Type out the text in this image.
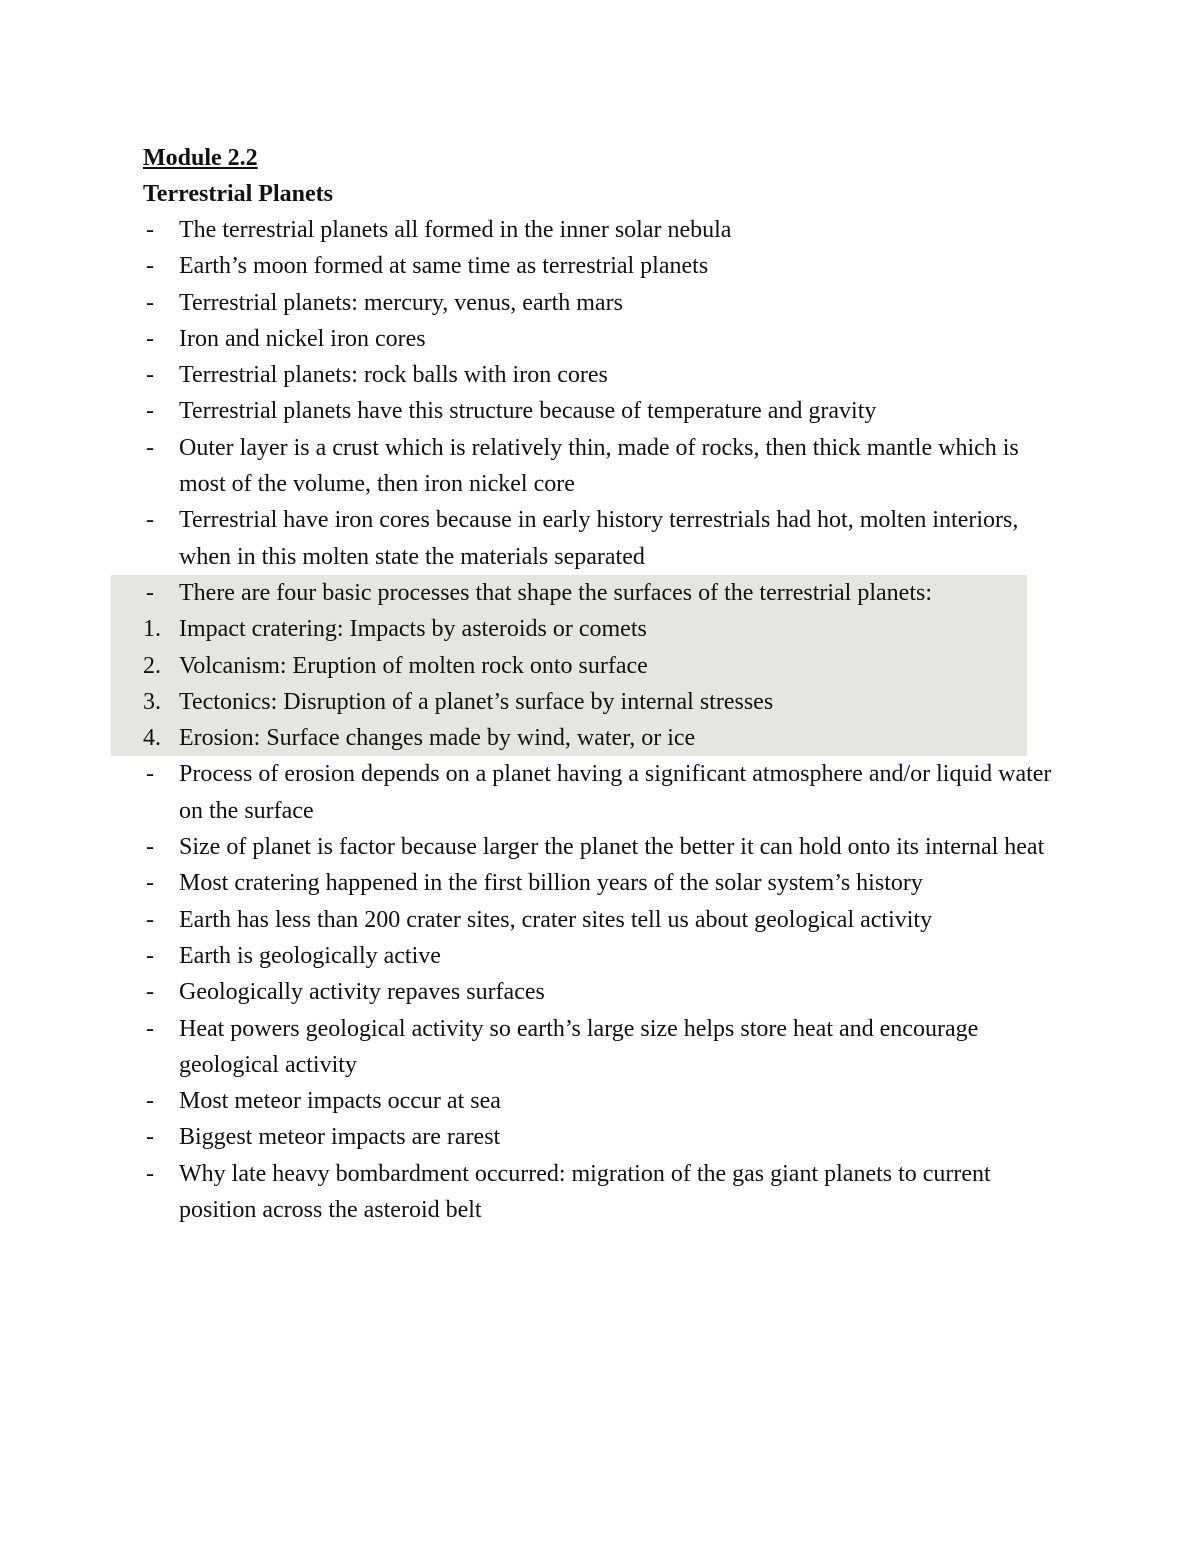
Module 2.2

Terrestrial Planets

-	The terrestrial planets all formed in the inner solar nebula
-	Earth’s moon formed at same time as terrestrial planets
-	Terrestrial planets: mercury, venus, earth mars
-	Iron and nickel iron cores
-	Terrestrial planets: rock balls with iron cores
-	Terrestrial planets have this structure because of temperature and gravity
-	Outer layer is a crust which is relatively thin, made of rocks, then thick mantle which is most of the volume, then iron nickel core
-	Terrestrial have iron cores because in early history terrestrials had hot, molten interiors, when in this molten state the materials separated
-	There are four basic processes that shape the surfaces of the terrestrial planets:
1. Impact cratering: Impacts by asteroids or comets
2. Volcanism: Eruption of molten rock onto surface
3. Tectonics: Disruption of a planet’s surface by internal stresses
4. Erosion: Surface changes made by wind, water, or ice
-	Process of erosion depends on a planet having a significant atmosphere and/or liquid water on the surface
-	Size of planet is factor because larger the planet the better it can hold onto its internal heat
-	Most cratering happened in the first billion years of the solar system’s history
-	Earth has less than 200 crater sites, crater sites tell us about geological activity
-	Earth is geologically active
-	Geologically activity repaves surfaces
-	Heat powers geological activity so earth’s large size helps store heat and encourage geological activity
-	Most meteor impacts occur at sea
-	Biggest meteor impacts are rarest
-	Why late heavy bombardment occurred: migration of the gas giant planets to current position across the asteroid belt
